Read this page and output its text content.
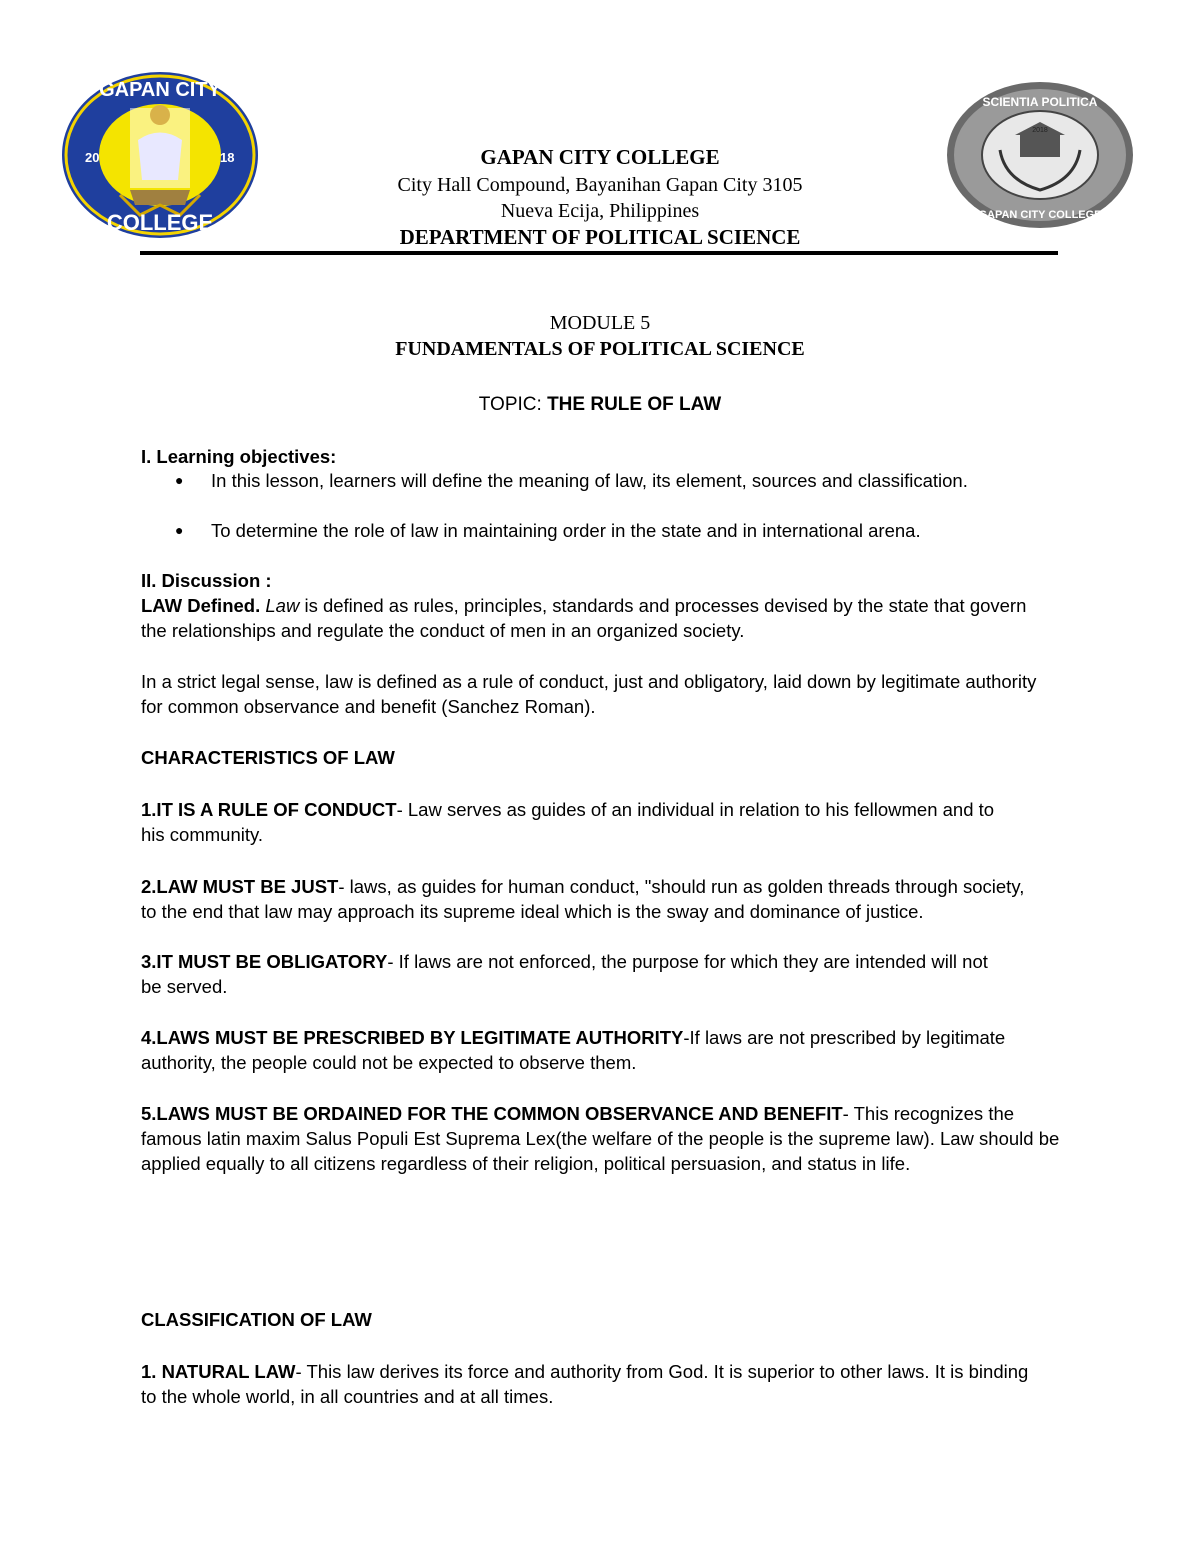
GAPAN CITY
COLLEGE
20	18
SCIENTIA POLITICA
GAPAN CITY COLLEGE
2018
GAPAN CITY COLLEGE
City Hall Compound, Bayanihan Gapan City 3105
Nueva Ecija, Philippines
DEPARTMENT OF POLITICAL SCIENCE
MODULE 5
FUNDAMENTALS OF POLITICAL SCIENCE
TOPIC: THE RULE OF LAW
I. Learning objectives:
●	In this lesson, learners will define the meaning of law, its element, sources and classification.
●	To determine the role of law in maintaining order in the state and in international arena.
II. Discussion :
LAW Defined. Law is defined as rules, principles, standards and processes devised by the state that govern the relationships and regulate the conduct of men in an organized society.
In a strict legal sense, law is defined as a rule of conduct, just and obligatory, laid down by legitimate authority for common observance and benefit (Sanchez Roman).
CHARACTERISTICS OF LAW
1.IT IS A RULE OF CONDUCT- Law serves as guides of an individual in relation to his fellowmen and to his community.
2.LAW MUST BE JUST- laws, as guides for human conduct, "should run as golden threads through society, to the end that law may approach its supreme ideal which is the sway and dominance of justice.
3.IT MUST BE OBLIGATORY- If laws are not enforced, the purpose for which they are intended will not be served.
4.LAWS MUST BE PRESCRIBED BY LEGITIMATE AUTHORITY-If laws are not prescribed by legitimate authority, the people could not be expected to observe them.
5.LAWS MUST BE ORDAINED FOR THE COMMON OBSERVANCE AND BENEFIT- This recognizes the famous latin maxim Salus Populi Est Suprema Lex(the welfare of the people is the supreme law). Law should be applied equally to all citizens regardless of their religion, political persuasion, and status in life.
CLASSIFICATION OF LAW
1. NATURAL LAW- This law derives its force and authority from God. It is superior to other laws. It is binding to the whole world, in all countries and at all times.
